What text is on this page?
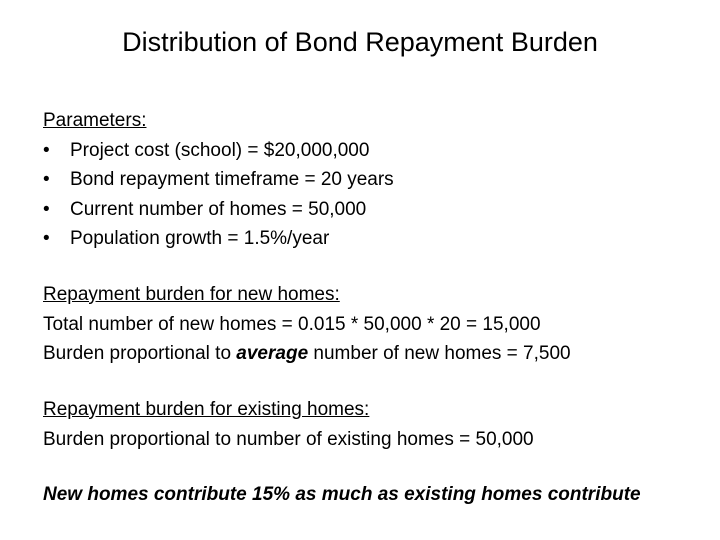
Distribution of Bond Repayment Burden
Parameters:
•	Project cost (school) = $20,000,000
•	Bond repayment timeframe = 20 years
•	Current number of homes = 50,000
•	Population growth = 1.5%/year
Repayment burden for new homes:
Total number of new homes = 0.015 * 50,000 * 20 = 15,000
Burden proportional to average number of new homes = 7,500
Repayment burden for existing homes:
Burden proportional to number of existing homes = 50,000
New homes contribute 15% as much as existing homes contribute
